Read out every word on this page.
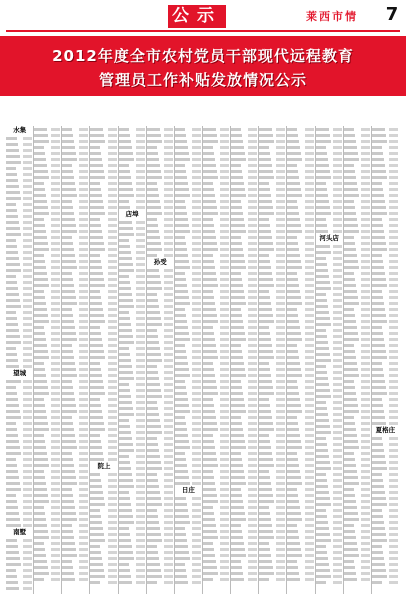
公示	莱西市情 7
2012年度全市农村党员干部现代远程教育
管理员工作补贴发放情况公示
水集
望城
南墅
院上
店埠
孙受
日庄
河头店
夏格庄
